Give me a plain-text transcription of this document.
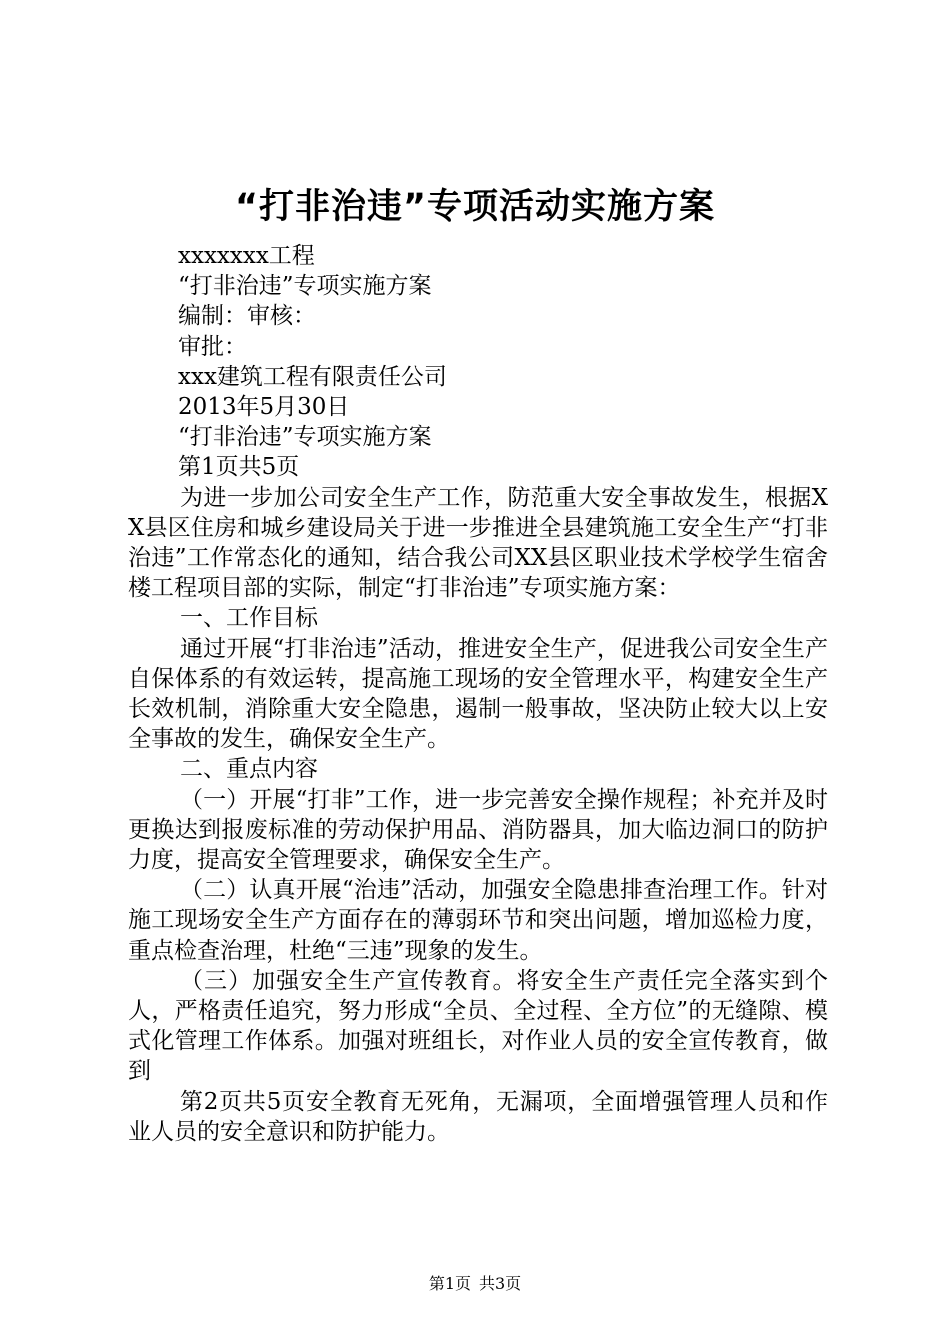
“打非治违”专项活动实施方案
xxxxxxx工程
“打非治违”专项实施方案
编制：审核：
审批：
xxx建筑工程有限责任公司
2013年5月30日
“打非治违”专项实施方案
第1页共5页
为进一步加公司安全生产工作，防范重大安全事故发生，根据XX县区住房和城乡建设局关于进一步推进全县建筑施工安全生产“打非治违”工作常态化的通知，结合我公司XX县区职业技术学校学生宿舍楼工程项目部的实际，制定“打非治违”专项实施方案：
一、工作目标
通过开展“打非治违”活动，推进安全生产，促进我公司安全生产自保体系的有效运转，提高施工现场的安全管理水平，构建安全生产长效机制，消除重大安全隐患，遏制一般事故，坚决防止较大以上安全事故的发生，确保安全生产。
二、重点内容
（一）开展“打非”工作，进一步完善安全操作规程；补充并及时更换达到报废标准的劳动保护用品、消防器具，加大临边洞口的防护力度，提高安全管理要求，确保安全生产。
（二）认真开展“治违”活动，加强安全隐患排查治理工作。针对施工现场安全生产方面存在的薄弱环节和突出问题，增加巡检力度，重点检查治理，杜绝“三违”现象的发生。
（三）加强安全生产宣传教育。将安全生产责任完全落实到个人，严格责任追究，努力形成“全员、全过程、全方位”的无缝隙、模式化管理工作体系。加强对班组长，对作业人员的安全宣传教育，做到
第2页共5页安全教育无死角，无漏项，全面增强管理人员和作业人员的安全意识和防护能力。
第1页 共3页
